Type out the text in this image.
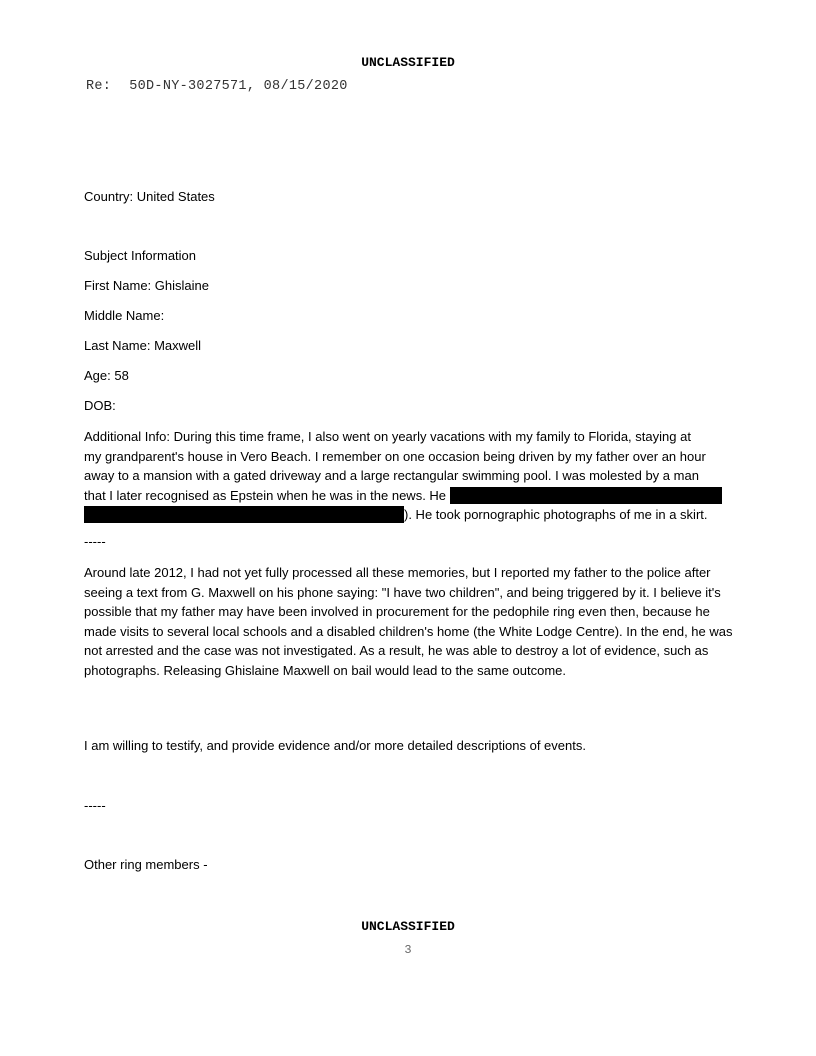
UNCLASSIFIED
Re: 50D-NY-3027571, 08/15/2020
Country: United States
Subject Information
First Name: Ghislaine
Middle Name:
Last Name: Maxwell
Age: 58
DOB:
Additional Info: During this time frame, I also went on yearly vacations with my family to Florida, staying at
my grandparent's house in Vero Beach. I remember on one occasion being driven by my father over an hour
away to a mansion with a gated driveway and a large rectangular swimming pool. I was molested by a man
that I later recognised as Epstein when he was in the news. He
). He took pornographic photographs of me in a skirt.
-----
Around late 2012, I had not yet fully processed all these memories, but I reported my father to the police after seeing a text from G. Maxwell on his phone saying: "I have two children", and being triggered by it. I believe it's possible that my father may have been involved in procurement for the pedophile ring even then, because he made visits to several local schools and a disabled children's home (the White Lodge Centre). In the end, he was not arrested and the case was not investigated. As a result, he was able to destroy a lot of evidence, such as photographs. Releasing Ghislaine Maxwell on bail would lead to the same outcome.
I am willing to testify, and provide evidence and/or more detailed descriptions of events.
-----
Other ring members -
UNCLASSIFIED
3
